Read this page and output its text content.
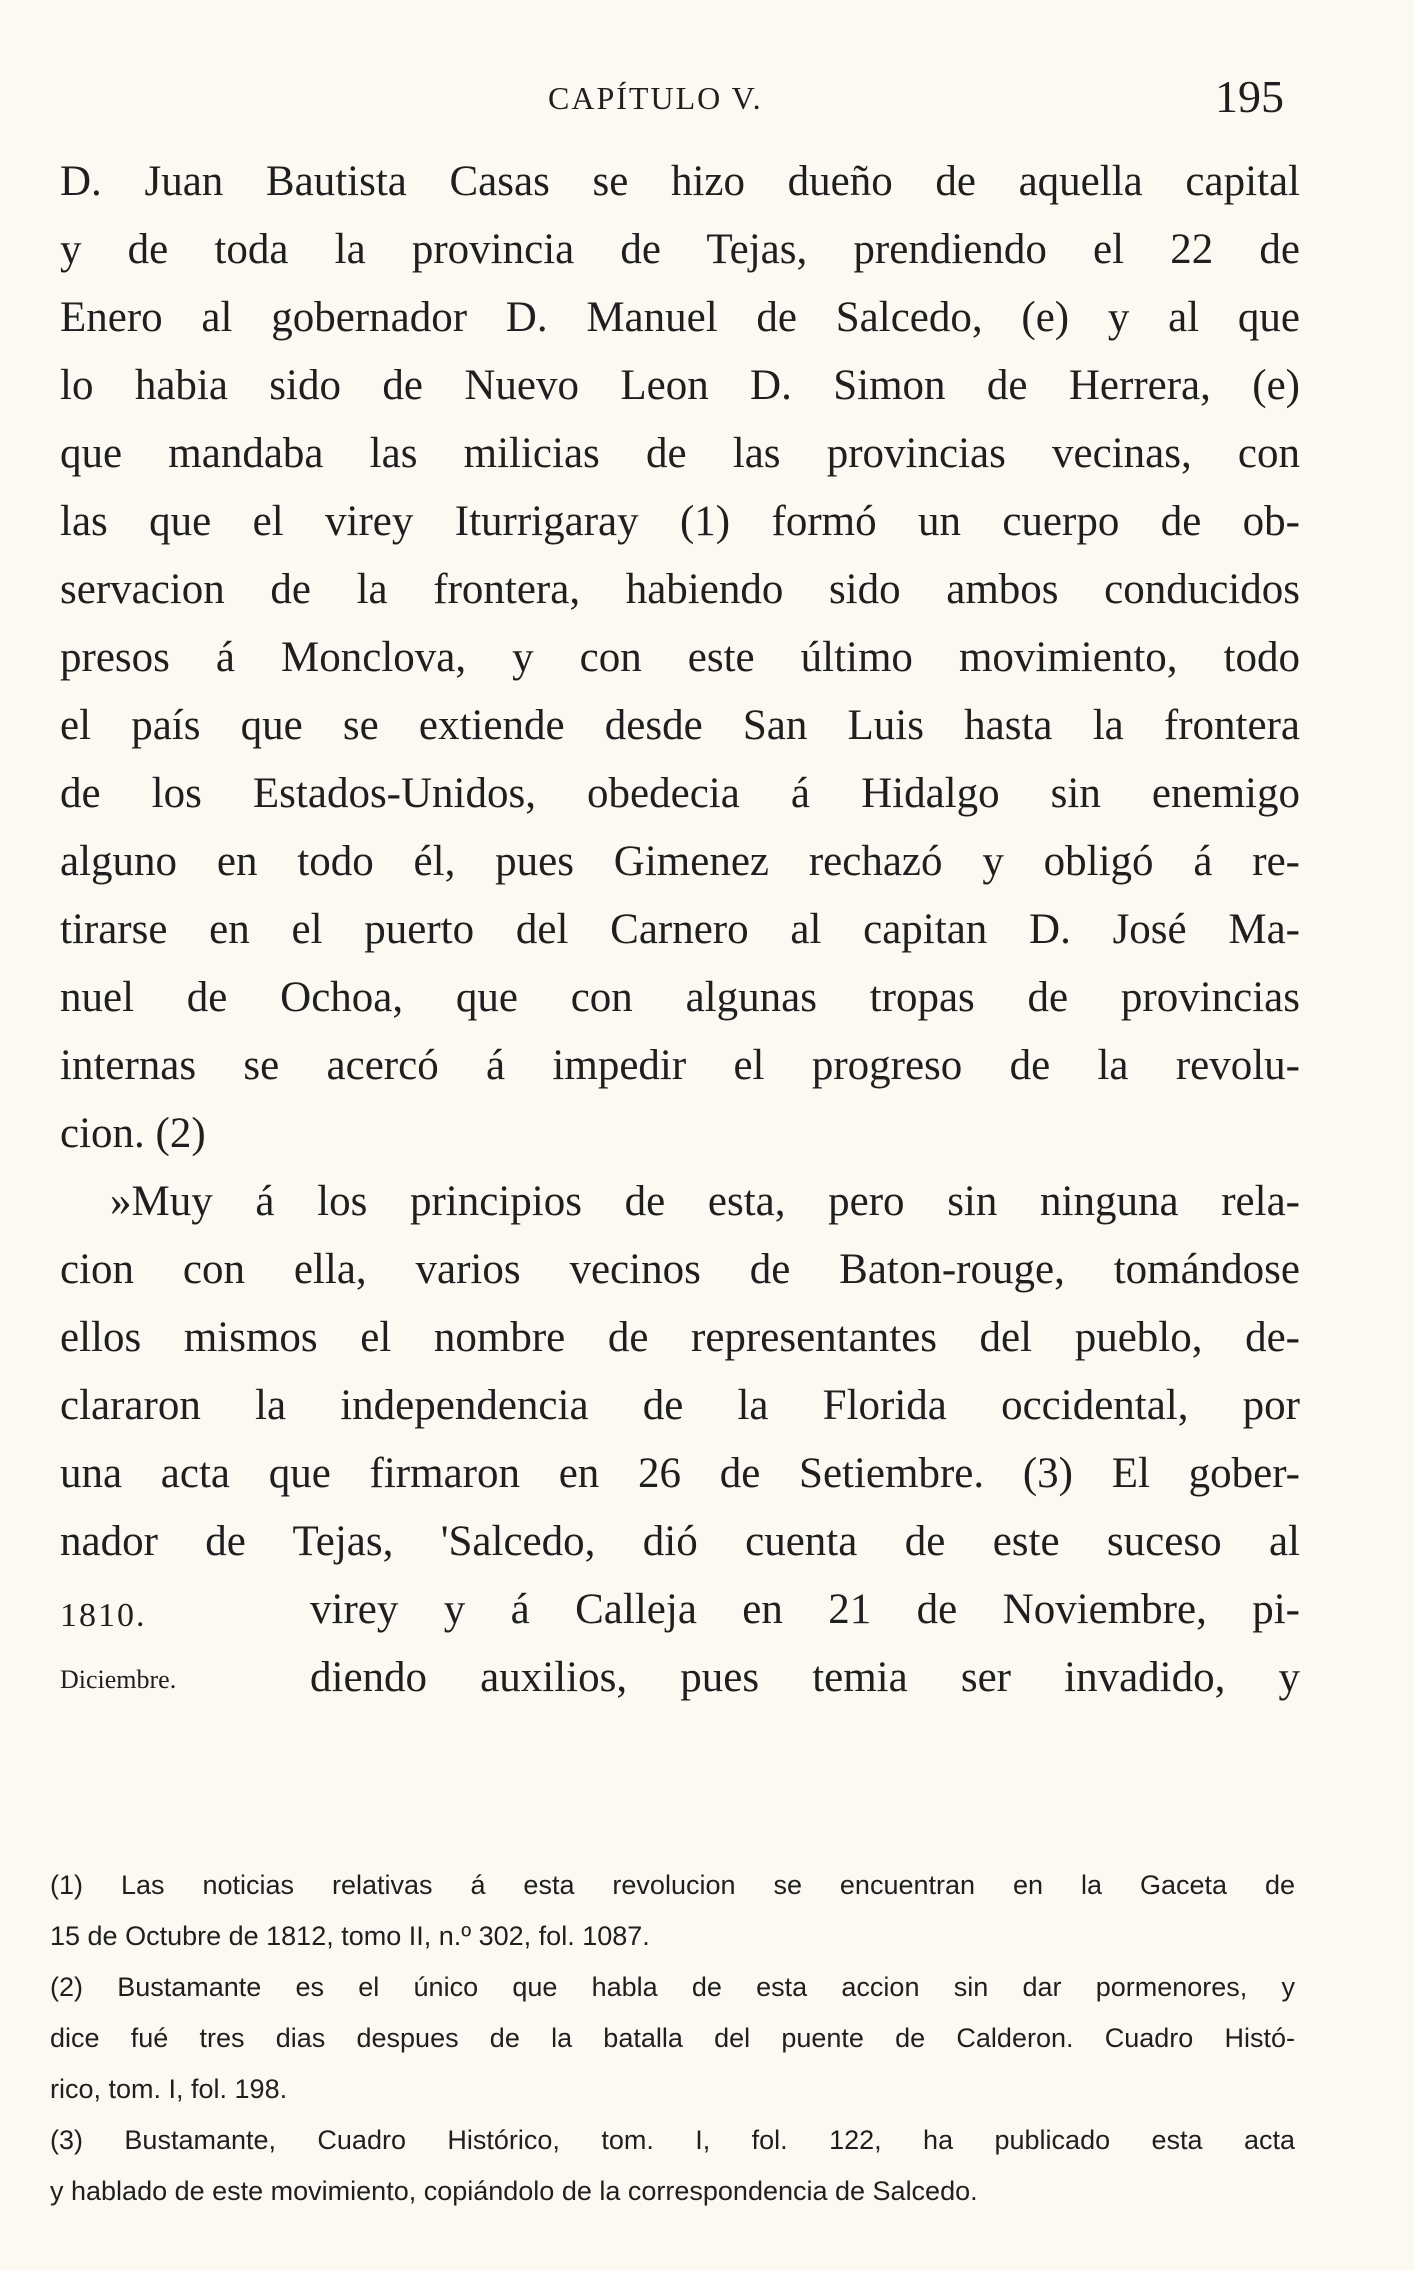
CAPÍTULO V.	195
D. Juan Bautista Casas se hizo dueño de aquella capital
y de toda la provincia de Tejas, prendiendo el 22 de
Enero al gobernador D. Manuel de Salcedo, (e) y al que
lo habia sido de Nuevo Leon D. Simon de Herrera, (e)
que mandaba las milicias de las provincias vecinas, con
las que el virey Iturrigaray (1) formó un cuerpo de ob-
servacion de la frontera, habiendo sido ambos conducidos
presos á Monclova, y con este último movimiento, todo
el país que se extiende desde San Luis hasta la frontera
de los Estados-Unidos, obedecia á Hidalgo sin enemigo
alguno en todo él, pues Gimenez rechazó y obligó á re-
tirarse en el puerto del Carnero al capitan D. José Ma-
nuel de Ochoa, que con algunas tropas de provincias
internas se acercó á impedir el progreso de la revolu-
cion. (2)
»Muy á los principios de esta, pero sin ninguna rela-
cion con ella, varios vecinos de Baton-rouge, tomándose
ellos mismos el nombre de representantes del pueblo, de-
clararon la independencia de la Florida occidental, por
una acta que firmaron en 26 de Setiembre. (3) El gober-
nador de Tejas, 'Salcedo, dió cuenta de este suceso al
1810.	virey y á Calleja en 21 de Noviembre, pi-
Diciembre.	diendo auxilios, pues temia ser invadido, y
(1) Las noticias relativas á esta revolucion se encuentran en la Gaceta de
15 de Octubre de 1812, tomo II, n.º 302, fol. 1087.
(2) Bustamante es el único que habla de esta accion sin dar pormenores, y
dice fué tres dias despues de la batalla del puente de Calderon. Cuadro Histó-
rico, tom. I, fol. 198.
(3) Bustamante, Cuadro Histórico, tom. I, fol. 122, ha publicado esta acta
y hablado de este movimiento, copiándolo de la correspondencia de Salcedo.
